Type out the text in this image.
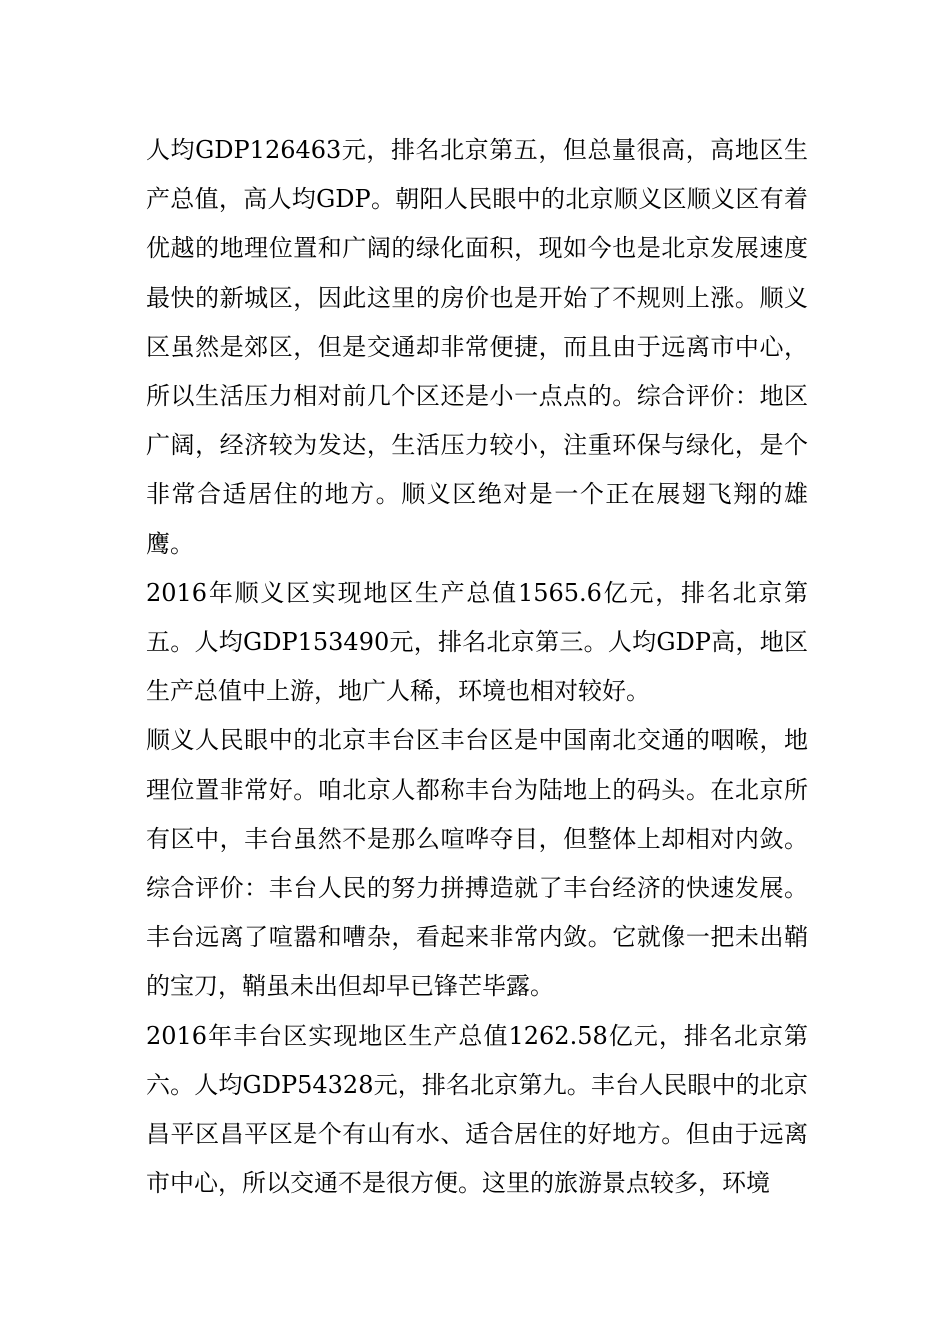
人均GDP126463元，排名北京第五，但总量很高，高地区生产总值，高人均GDP。朝阳人民眼中的北京顺义区顺义区有着优越的地理位置和广阔的绿化面积，现如今也是北京发展速度最快的新城区，因此这里的房价也是开始了不规则上涨。顺义区虽然是郊区，但是交通却非常便捷，而且由于远离市中心，所以生活压力相对前几个区还是小一点点的。综合评价：地区广阔，经济较为发达，生活压力较小，注重环保与绿化，是个非常合适居住的地方。顺义区绝对是一个正在展翅飞翔的雄鹰。

2016年顺义区实现地区生产总值1565.6亿元，排名北京第五。人均GDP153490元，排名北京第三。人均GDP高，地区生产总值中上游，地广人稀，环境也相对较好。

顺义人民眼中的北京丰台区丰台区是中国南北交通的咽喉，地理位置非常好。咱北京人都称丰台为陆地上的码头。在北京所有区中，丰台虽然不是那么喧哗夺目，但整体上却相对内敛。综合评价：丰台人民的努力拼搏造就了丰台经济的快速发展。丰台远离了喧嚣和嘈杂，看起来非常内敛。它就像一把未出鞘的宝刀，鞘虽未出但却早已锋芒毕露。

2016年丰台区实现地区生产总值1262.58亿元，排名北京第六。人均GDP54328元，排名北京第九。丰台人民眼中的北京昌平区昌平区是个有山有水、适合居住的好地方。但由于远离市中心，所以交通不是很方便。这里的旅游景点较多，环境
